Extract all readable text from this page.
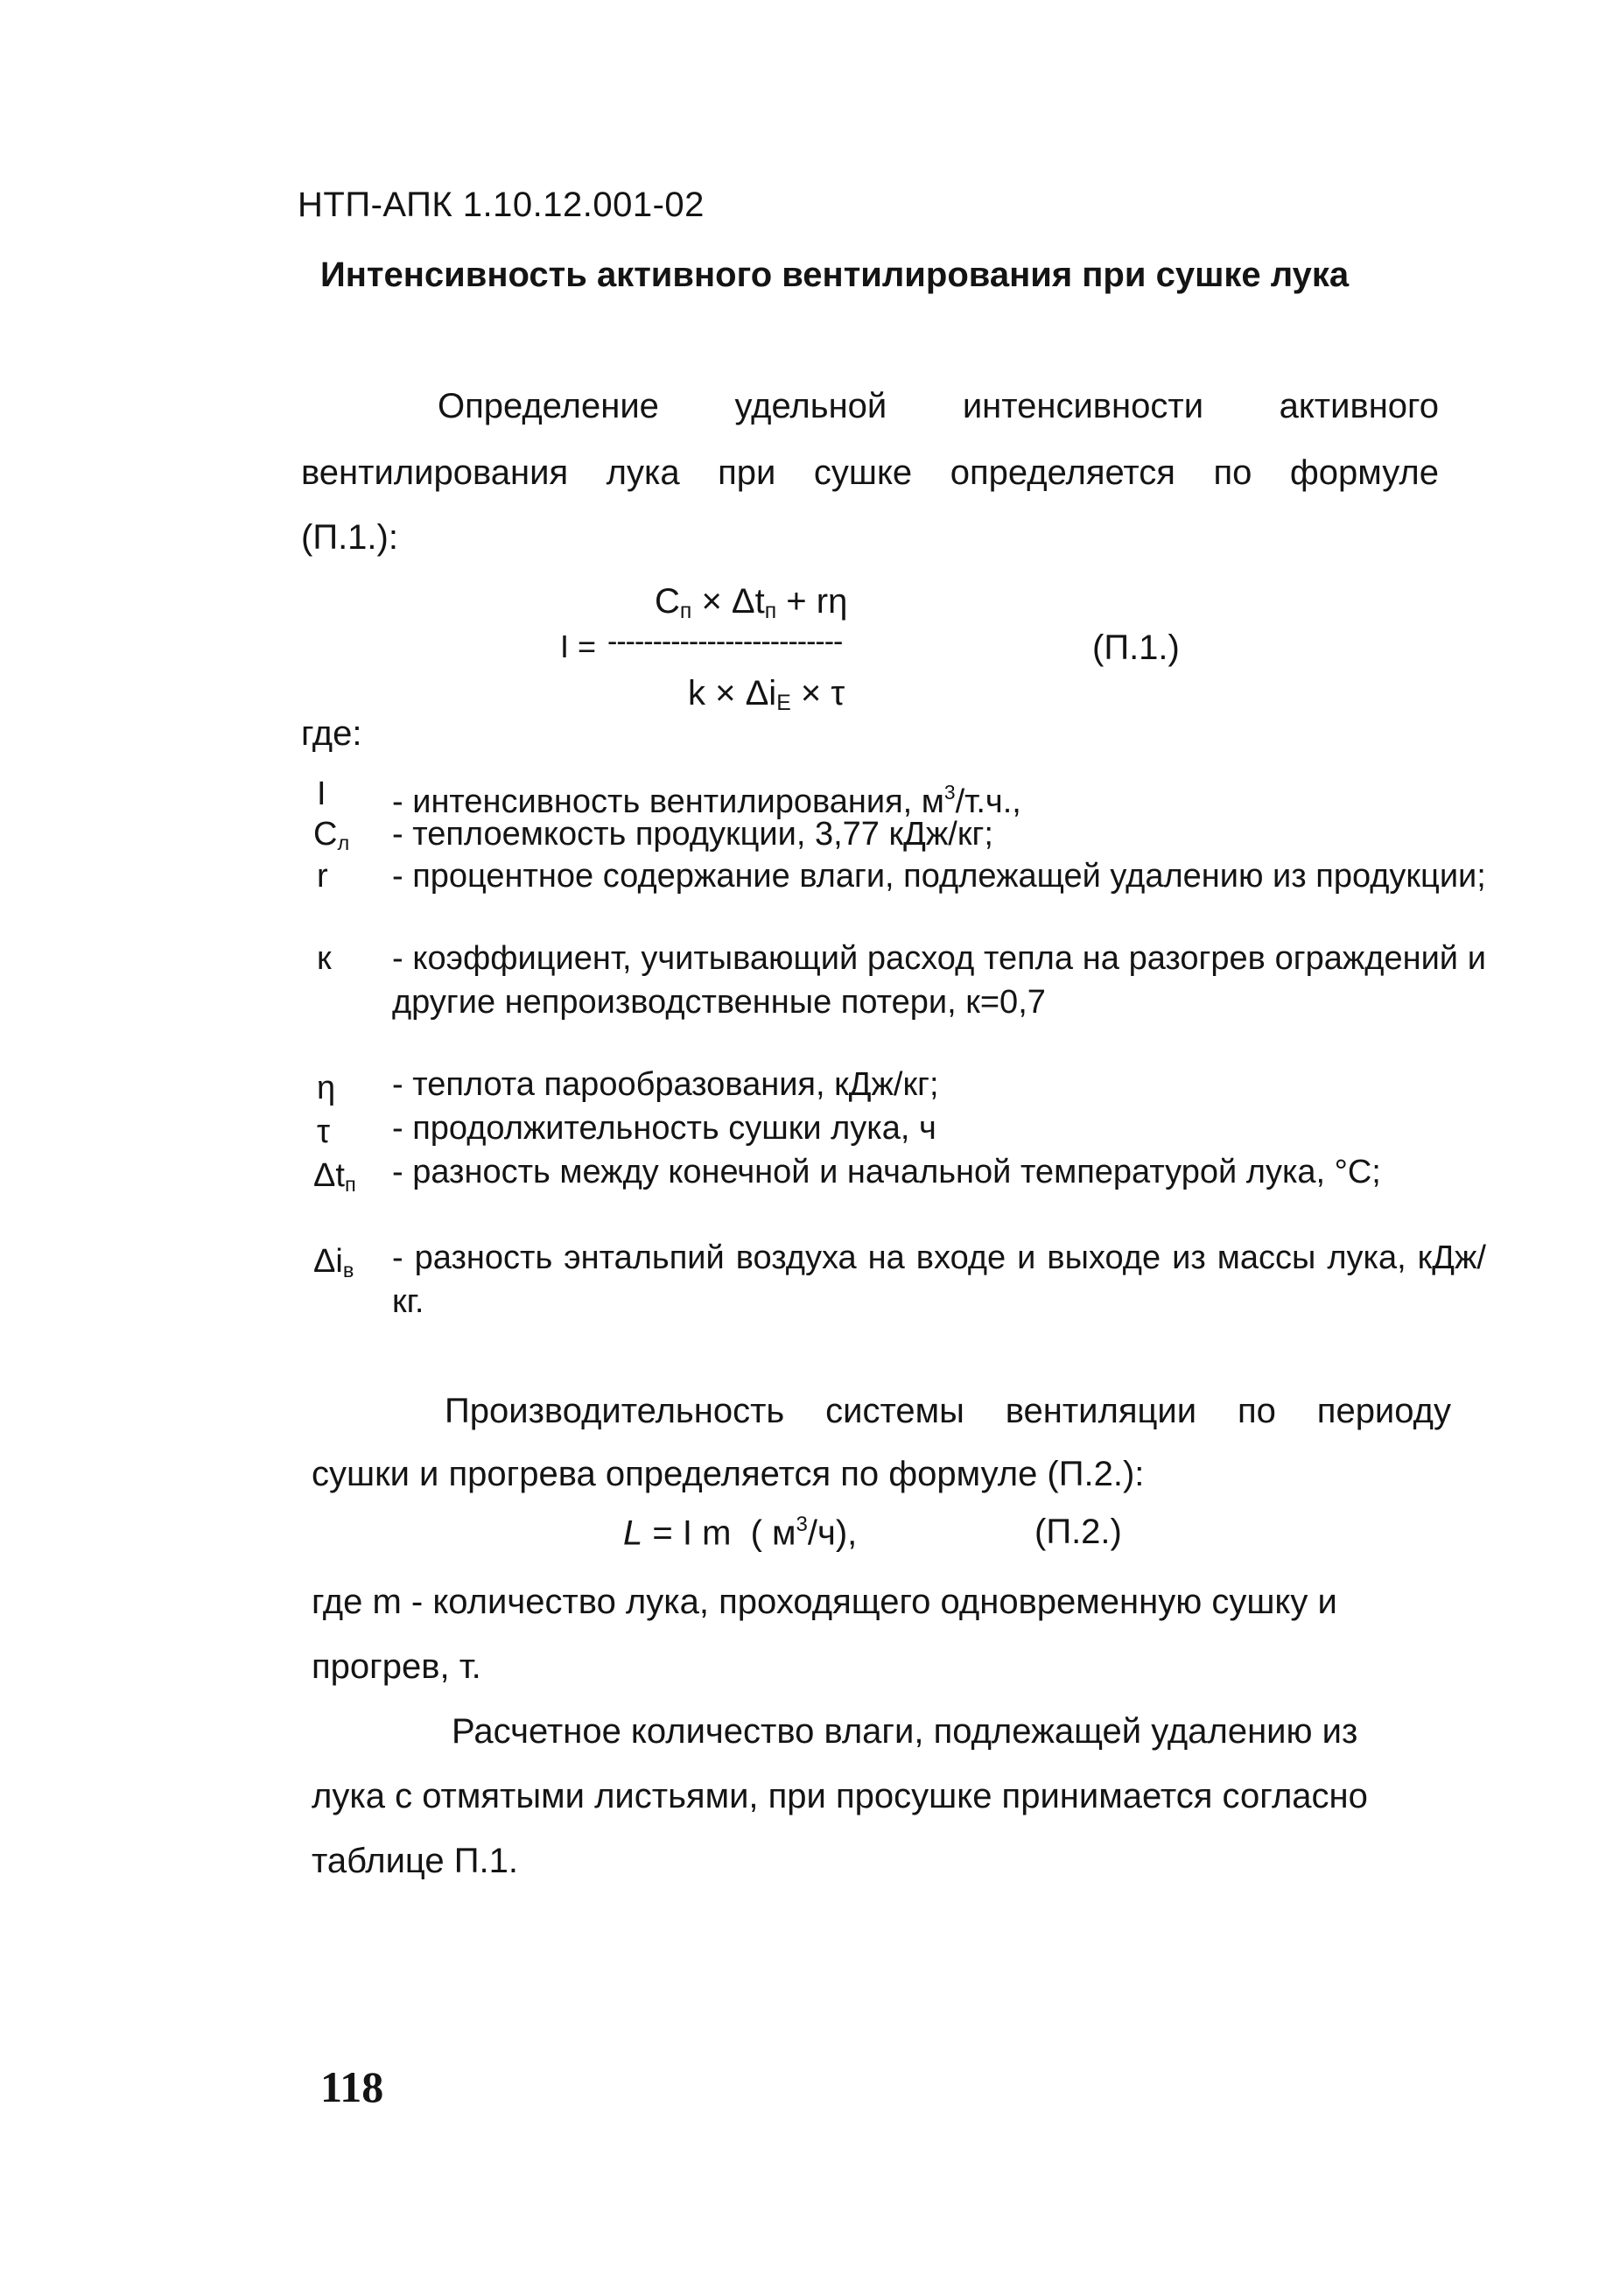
НТП-АПК 1.10.12.001-02
Интенсивность активного вентилирования при сушке лука
Определение удельной интенсивности активного
вентилирования лука при сушке определяется по формуле
(П.1.):
$С_п \times \Delta t_п + r\eta$
I = --------------------------	(П.1.)
$k \times \Delta i_Е \times \tau$
где:
I - интенсивность вентилирования, $м^3/т.ч$.,
$С_л$ - теплоемкость продукции, 3,77 кДж/кг;
r - процентное содержание влаги, подлежащей удалению из продукции;
к - коэффициент, учитывающий расход тепла на разогрев ограждений и другие непроизводственные потери, к=0,7
η - теплота парообразования, кДж/кг;
τ - продолжительность сушки лука, ч
$\Delta t_п$ - разность между конечной и начальной температурой лука, °С;
$\Delta i_в$ - разность энтальпий воздуха на входе и выходе из массы лука, кДж/кг.
Производительность системы вентиляции по периоду
сушки и прогрева определяется по формуле (П.2.):
L = I m  ( $м^3/ч$),	(П.2.)
где m - количество лука, проходящего одновременную сушку и
прогрев, т.
Расчетное количество влаги, подлежащей удалению из
лука с отмятыми листьями, при просушке принимается согласно
таблице П.1.
118
